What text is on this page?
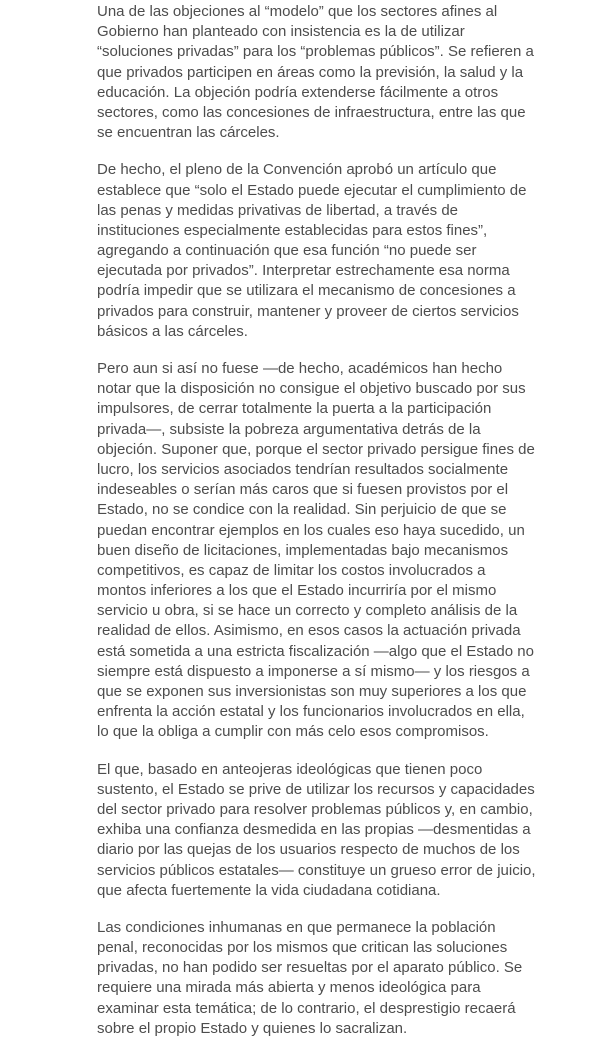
Una de las objeciones al “modelo” que los sectores afines al
Gobierno han planteado con insistencia es la de utilizar
“soluciones privadas” para los “problemas públicos”. Se refieren a
que privados participen en áreas como la previsión, la salud y la
educación. La objeción podría extenderse fácilmente a otros
sectores, como las concesiones de infraestructura, entre las que
se encuentran las cárceles.

De hecho, el pleno de la Convención aprobó un artículo que
establece que “solo el Estado puede ejecutar el cumplimiento de
las penas y medidas privativas de libertad, a través de
instituciones especialmente establecidas para estos fines”,
agregando a continuación que esa función “no puede ser
ejecutada por privados”. Interpretar estrechamente esa norma
podría impedir que se utilizara el mecanismo de concesiones a
privados para construir, mantener y proveer de ciertos servicios
básicos a las cárceles.

Pero aun si así no fuese —de hecho, académicos han hecho
notar que la disposición no consigue el objetivo buscado por sus
impulsores, de cerrar totalmente la puerta a la participación
privada—, subsiste la pobreza argumentativa detrás de la
objeción. Suponer que, porque el sector privado persigue fines de
lucro, los servicios asociados tendrían resultados socialmente
indeseables o serían más caros que si fuesen provistos por el
Estado, no se condice con la realidad. Sin perjuicio de que se
puedan encontrar ejemplos en los cuales eso haya sucedido, un
buen diseño de licitaciones, implementadas bajo mecanismos
competitivos, es capaz de limitar los costos involucrados a
montos inferiores a los que el Estado incurriría por el mismo
servicio u obra, si se hace un correcto y completo análisis de la
realidad de ellos. Asimismo, en esos casos la actuación privada
está sometida a una estricta fiscalización —algo que el Estado no
siempre está dispuesto a imponerse a sí mismo— y los riesgos a
que se exponen sus inversionistas son muy superiores a los que
enfrenta la acción estatal y los funcionarios involucrados en ella,
lo que la obliga a cumplir con más celo esos compromisos.

El que, basado en anteojeras ideológicas que tienen poco
sustento, el Estado se prive de utilizar los recursos y capacidades
del sector privado para resolver problemas públicos y, en cambio,
exhiba una confianza desmedida en las propias —desmentidas a
diario por las quejas de los usuarios respecto de muchos de los
servicios públicos estatales— constituye un grueso error de juicio,
que afecta fuertemente la vida ciudadana cotidiana.

Las condiciones inhumanas en que permanece la población
penal, reconocidas por los mismos que critican las soluciones
privadas, no han podido ser resueltas por el aparato público. Se
requiere una mirada más abierta y menos ideológica para
examinar esta temática; de lo contrario, el desprestigio recaerá
sobre el propio Estado y quienes lo sacralizan.
